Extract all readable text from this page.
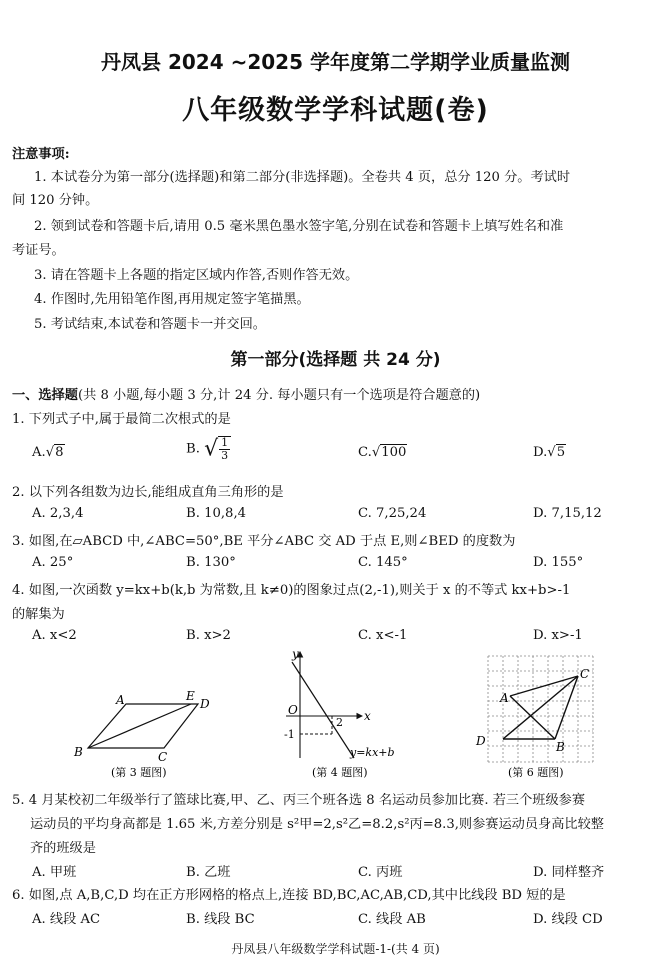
丹凤县 2024 ~2025 学年度第二学期学业质量监测
八年级数学学科试题(卷)
注意事项:
1. 本试卷分为第一部分(选择题)和第二部分(非选择题)。全卷共 4 页，总分 120 分。考试时
间 120 分钟。
2. 领到试卷和答题卡后,请用 0.5 毫米黑色墨水签字笔,分别在试卷和答题卡上填写姓名和准
考证号。
3. 请在答题卡上各题的指定区域内作答,否则作答无效。
4. 作图时,先用铅笔作图,再用规定签字笔描黑。
5. 考试结束,本试卷和答题卡一并交回。
第一部分(选择题 共 24 分)
一、选择题(共 8 小题,每小题 3 分,计 24 分. 每小题只有一个选项是符合题意的)
1. 下列式子中,属于最简二次根式的是
A.√8	B. √ $\frac{1}{3}$	C.√100	D.√5
2. 以下列各组数为边长,能组成直角三角形的是
A. 2,3,4	B. 10,8,4	C. 7,25,24	D. 7,15,12
3. 如图,在▱ABCD 中,∠ABC=50°,BE 平分∠ABC 交 AD 于点 E,则∠BED 的度数为
A. 25°	B. 130°	C. 145°	D. 155°
4. 如图,一次函数 y=kx+b(k,b 为常数,且 k≠0)的图象过点(2,-1),则关于 x 的不等式 kx+b>-1
的解集为
A. x<2	B. x>2	C. x<-1	D. x>-1
A	E
D
B	C
(第 3 题图)
y
x
O
2
-1
y=kx+b
(第 4 题图)
A
C
D	B
(第 6 题图)
5. 4 月某校初二年级举行了篮球比赛,甲、乙、丙三个班各选 8 名运动员参加比赛. 若三个班级参赛
运动员的平均身高都是 1.65 米,方差分别是 s²甲=2,s²乙=8.2,s²丙=8.3,则参赛运动员身高比较整
齐的班级是
A. 甲班	B. 乙班	C. 丙班	D. 同样整齐
6. 如图,点 A,B,C,D 均在正方形网格的格点上,连接 BD,BC,AC,AB,CD,其中比线段 BD 短的是
A. 线段 AC	B. 线段 BC	C. 线段 AB	D. 线段 CD
丹凤县八年级数学学科试题-1-(共 4 页)
